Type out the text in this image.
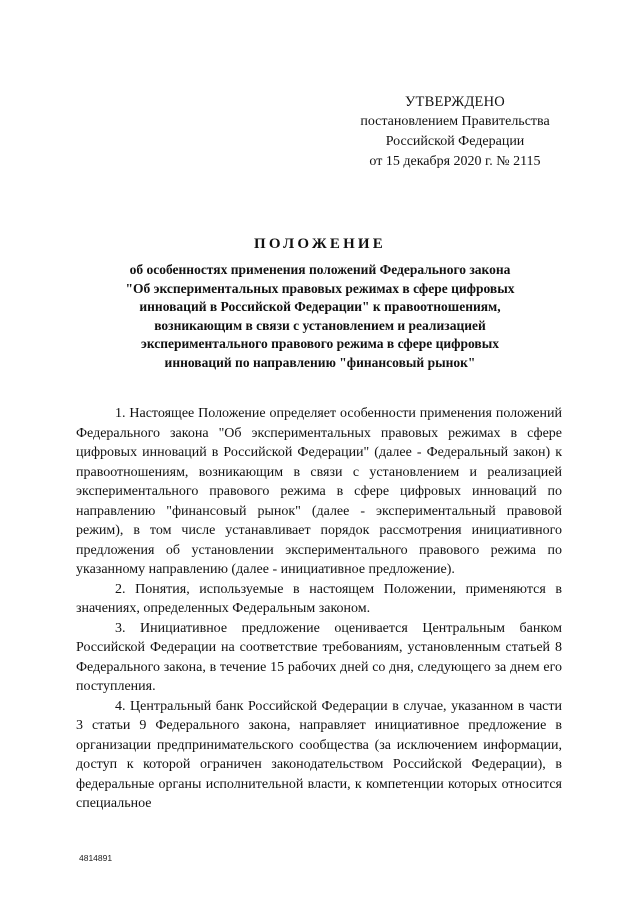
УТВЕРЖДЕНО
постановлением Правительства
Российской Федерации
от 15 декабря 2020 г. № 2115
ПОЛОЖЕНИЕ
об особенностях применения положений Федерального закона
"Об экспериментальных правовых режимах в сфере цифровых
инноваций в Российской Федерации" к правоотношениям,
возникающим в связи с установлением и реализацией
экспериментального правового режима в сфере цифровых
инноваций по направлению "финансовый рынок"

1. Настоящее Положение определяет особенности применения положений Федерального закона "Об экспериментальных правовых режимах в сфере цифровых инноваций в Российской Федерации" (далее - Федеральный закон) к правоотношениям, возникающим в связи с установлением и реализацией экспериментального правового режима в сфере цифровых инноваций по направлению "финансовый рынок" (далее - экспериментальный правовой режим), в том числе устанавливает порядок рассмотрения инициативного предложения об установлении экспериментального правового режима по указанному направлению (далее - инициативное предложение).

2. Понятия, используемые в настоящем Положении, применяются в значениях, определенных Федеральным законом.

3. Инициативное предложение оценивается Центральным банком Российской Федерации на соответствие требованиям, установленным статьей 8 Федерального закона, в течение 15 рабочих дней со дня, следующего за днем его поступления.

4. Центральный банк Российской Федерации в случае, указанном в части 3 статьи 9 Федерального закона, направляет инициативное предложение в организации предпринимательского сообщества (за исключением информации, доступ к которой ограничен законодательством Российской Федерации), в федеральные органы исполнительной власти, к компетенции которых относится специальное

4814891
